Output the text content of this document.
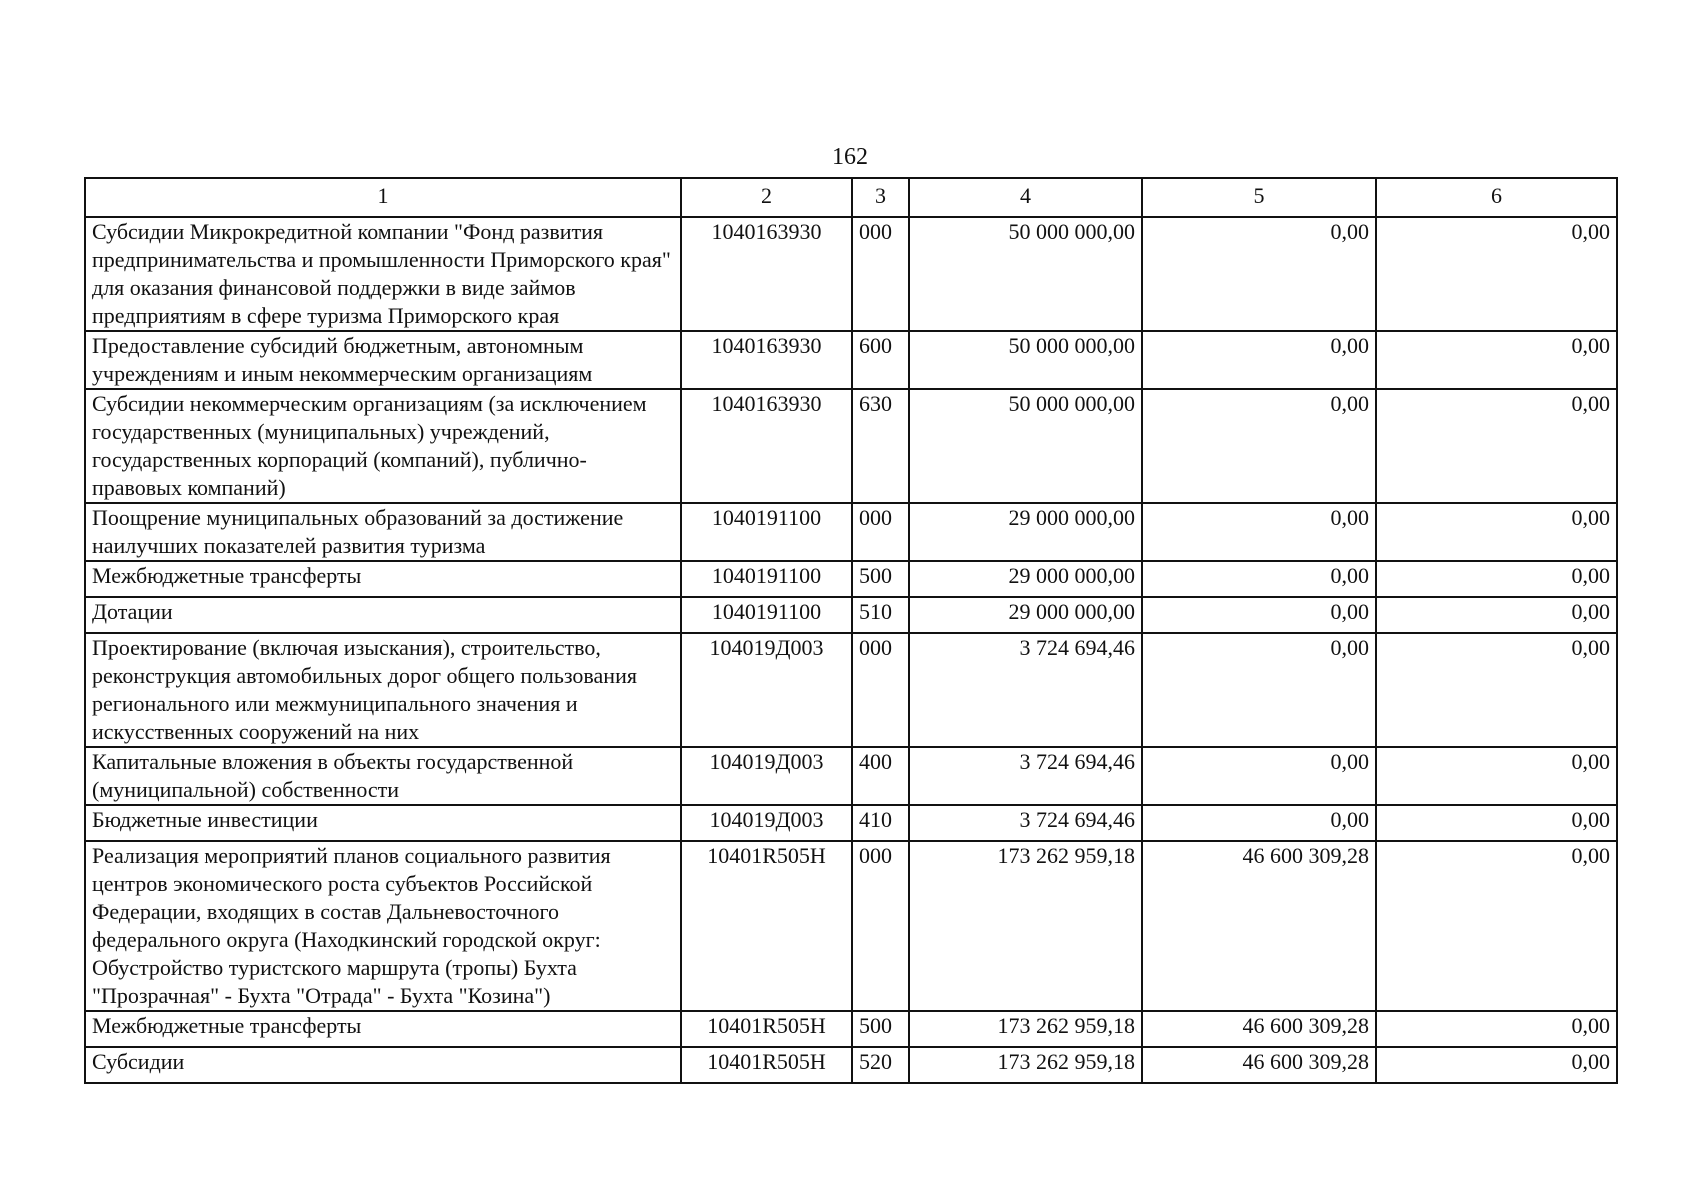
162
1	2	3	4	5	6
Субсидии Микрокредитной компании "Фонд развития предпринимательства и промышленности Приморского края" для оказания финансовой поддержки в виде займов предприятиям в сфере туризма Приморского края	1040163930	000	50 000 000,00	0,00	0,00
Предоставление субсидий бюджетным, автономным учреждениям и иным некоммерческим организациям	1040163930	600	50 000 000,00	0,00	0,00
Субсидии некоммерческим организациям (за исключением государственных (муниципальных) учреждений, государственных корпораций (компаний), публично-правовых компаний)	1040163930	630	50 000 000,00	0,00	0,00
Поощрение муниципальных образований за достижение наилучших показателей развития туризма	1040191100	000	29 000 000,00	0,00	0,00
Межбюджетные трансферты	1040191100	500	29 000 000,00	0,00	0,00
Дотации	1040191100	510	29 000 000,00	0,00	0,00
Проектирование (включая изыскания), строительство, реконструкция автомобильных дорог общего пользования регионального или межмуниципального значения и искусственных сооружений на них	104019Д003	000	3 724 694,46	0,00	0,00
Капитальные вложения в объекты государственной (муниципальной) собственности	104019Д003	400	3 724 694,46	0,00	0,00
Бюджетные инвестиции	104019Д003	410	3 724 694,46	0,00	0,00
Реализация мероприятий планов социального развития центров экономического роста субъектов Российской Федерации, входящих в состав Дальневосточного федерального округа (Находкинский городской округ: Обустройство туристского маршрута (тропы) Бухта "Прозрачная" - Бухта "Отрада" - Бухта "Козина")	10401R505Н	000	173 262 959,18	46 600 309,28	0,00
Межбюджетные трансферты	10401R505Н	500	173 262 959,18	46 600 309,28	0,00
Субсидии	10401R505Н	520	173 262 959,18	46 600 309,28	0,00
